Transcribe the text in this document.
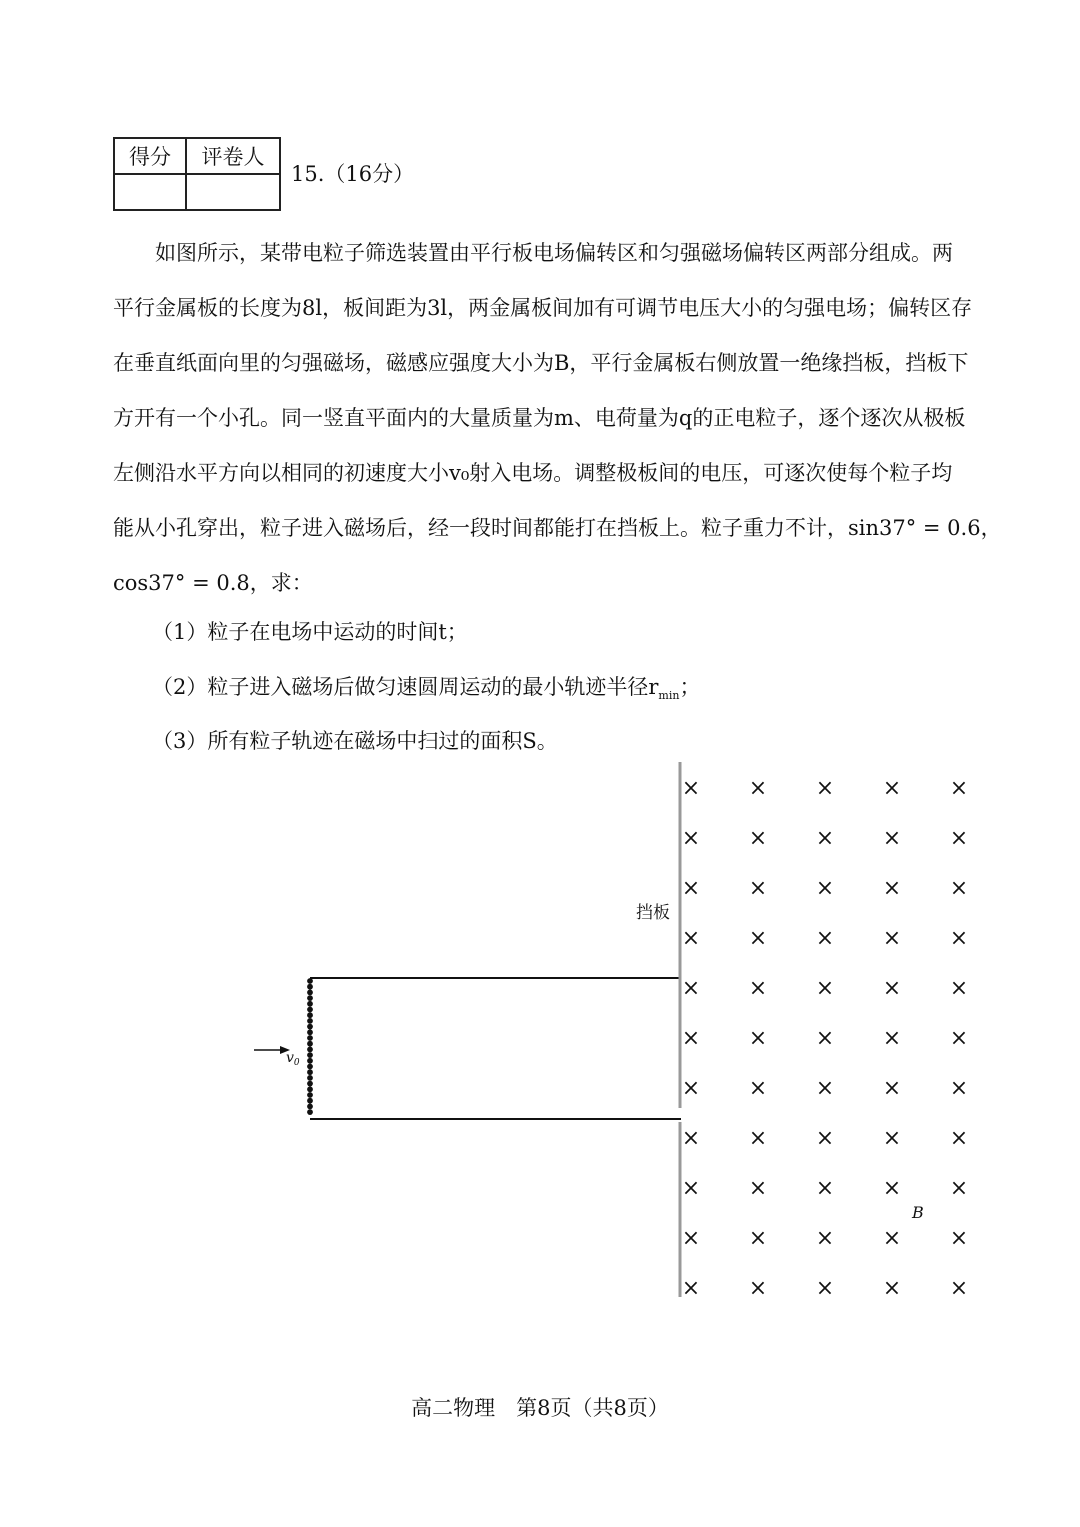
得分	评卷人

15.（16分）
如图所示，某带电粒子筛选装置由平行板电场偏转区和匀强磁场偏转区两部分组成。两
平行金属板的长度为8l，板间距为3l，两金属板间加有可调节电压大小的匀强电场；偏转区存
在垂直纸面向里的匀强磁场，磁感应强度大小为B，平行金属板右侧放置一绝缘挡板，挡板下
方开有一个小孔。同一竖直平面内的大量质量为m、电荷量为q的正电粒子，逐个逐次从极板
左侧沿水平方向以相同的初速度大小v₀射入电场。调整极板间的电压，可逐次使每个粒子均
能从小孔穿出，粒子进入磁场后，经一段时间都能打在挡板上。粒子重力不计，sin37° = 0.6，
cos37° = 0.8，求：
（1）粒子在电场中运动的时间t；
（2）粒子进入磁场后做匀速圆周运动的最小轨迹半径$r_{min}$；
（3）所有粒子轨迹在磁场中扫过的面积S。
$v_0$
挡板
B
× × × × ×
× × × × ×
× × × × ×
× × × × ×
× × × × ×
× × × × ×
× × × × ×
× × × × ×
× × × × ×
× × × × ×
× × × × ×
高二物理　第8页（共8页）
